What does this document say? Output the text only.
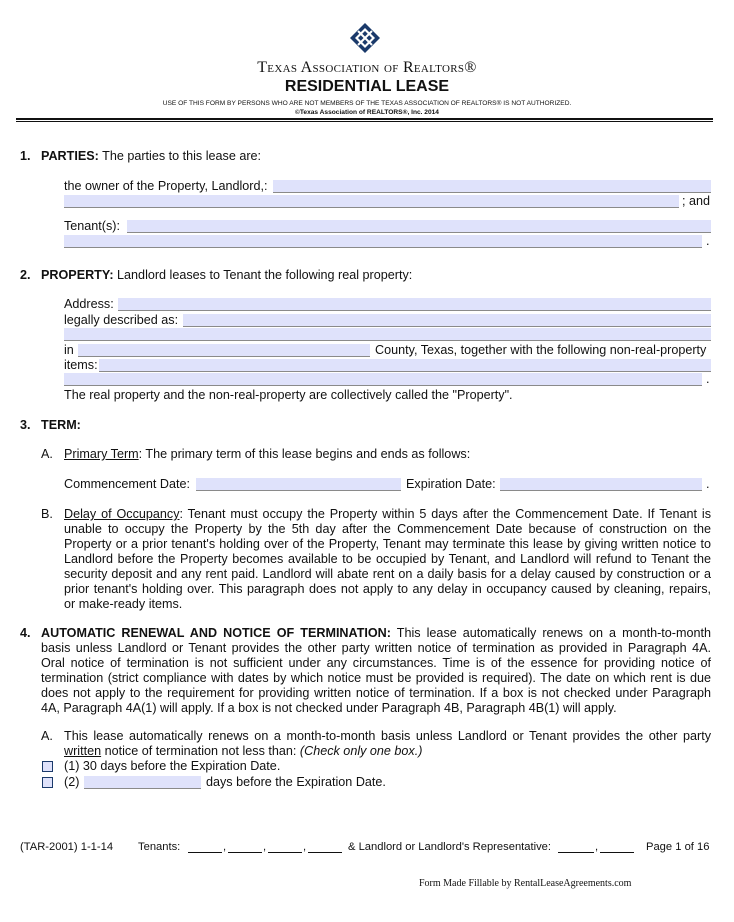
Texas Association of Realtors®
RESIDENTIAL LEASE
USE OF THIS FORM BY PERSONS WHO ARE NOT MEMBERS OF THE TEXAS ASSOCIATION OF REALTORS® IS NOT AUTHORIZED.
©Texas Association of REALTORS®, Inc. 2014
1. PARTIES: The parties to this lease are:
the owner of the Property, Landlord,:
; and
Tenant(s):
.
2. PROPERTY: Landlord leases to Tenant the following real property:
Address:
legally described as:
in	County, Texas, together with the following non-real-property
items:
.
The real property and the non-real-property are collectively called the "Property".
3. TERM:
A. Primary Term: The primary term of this lease begins and ends as follows:
Commencement Date:	Expiration Date:	.
B. Delay of Occupancy: Tenant must occupy the Property within 5 days after the Commencement Date. If Tenant is
unable to occupy the Property by the 5th day after the Commencement Date because of construction on the
Property or a prior tenant's holding over of the Property, Tenant may terminate this lease by giving written notice to
Landlord before the Property becomes available to be occupied by Tenant, and Landlord will refund to Tenant the
security deposit and any rent paid. Landlord will abate rent on a daily basis for a delay caused by construction or a
prior tenant's holding over. This paragraph does not apply to any delay in occupancy caused by cleaning, repairs,
or make-ready items.
4. AUTOMATIC RENEWAL AND NOTICE OF TERMINATION: This lease automatically renews on a month-to-month
basis unless Landlord or Tenant provides the other party written notice of termination as provided in Paragraph 4A.
Oral notice of termination is not sufficient under any circumstances. Time is of the essence for providing notice of
termination (strict compliance with dates by which notice must be provided is required). The date on which rent is due
does not apply to the requirement for providing written notice of termination. If a box is not checked under Paragraph
4A, Paragraph 4A(1) will apply. If a box is not checked under Paragraph 4B, Paragraph 4B(1) will apply.
A. This lease automatically renews on a month-to-month basis unless Landlord or Tenant provides the other party
written notice of termination not less than: (Check only one box.)
(1) 30 days before the Expiration Date.
(2)	days before the Expiration Date.
(TAR-2001) 1-1-14 Tenants:	,	,	,	& Landlord or Landlord's Representative:	,	Page 1 of 16
Form Made Fillable by RentalLeaseAgreements.com
